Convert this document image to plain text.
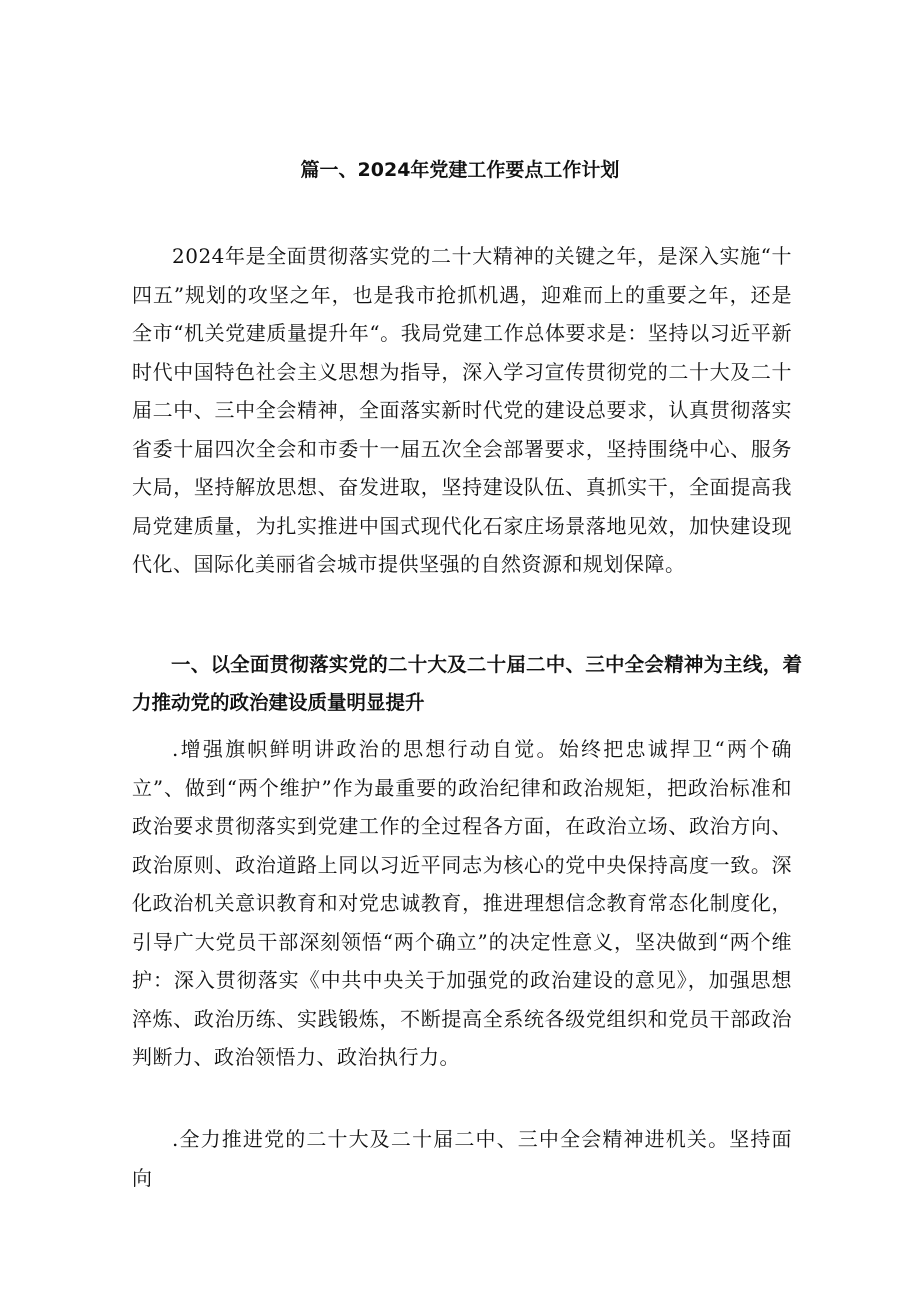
篇一、2024年党建工作要点工作计划

2024年是全面贯彻落实党的二十大精神的关键之年，是深入实施“十四五”规划的攻坚之年，也是我市抢抓机遇，迎难而上的重要之年，还是全市“机关党建质量提升年“。我局党建工作总体要求是：坚持以习近平新时代中国特色社会主义思想为指导，深入学习宣传贯彻党的二十大及二十届二中、三中全会精神，全面落实新时代党的建设总要求，认真贯彻落实省委十届四次全会和市委十一届五次全会部署要求，坚持围绕中心、服务大局，坚持解放思想、奋发进取，坚持建设队伍、真抓实干，全面提高我局党建质量，为扎实推进中国式现代化石家庄场景落地见效，加快建设现代化、国际化美丽省会城市提供坚强的自然资源和规划保障。

一、以全面贯彻落实党的二十大及二十届二中、三中全会精神为主线，着力推动党的政治建设质量明显提升

.增强旗帜鲜明讲政治的思想行动自觉。始终把忠诚捍卫“两个确立”、做到“两个维护”作为最重要的政治纪律和政治规矩，把政治标准和政治要求贯彻落实到党建工作的全过程各方面，在政治立场、政治方向、政治原则、政治道路上同以习近平同志为核心的党中央保持高度一致。深化政治机关意识教育和对党忠诚教育，推进理想信念教育常态化制度化，引导广大党员干部深刻领悟“两个确立”的决定性意义，坚决做到“两个维护：深入贯彻落实《中共中央关于加强党的政治建设的意见》，加强思想淬炼、政治历练、实践锻炼，不断提高全系统各级党组织和党员干部政治判断力、政治领悟力、政治执行力。

.全力推进党的二十大及二十届二中、三中全会精神进机关。坚持面向
